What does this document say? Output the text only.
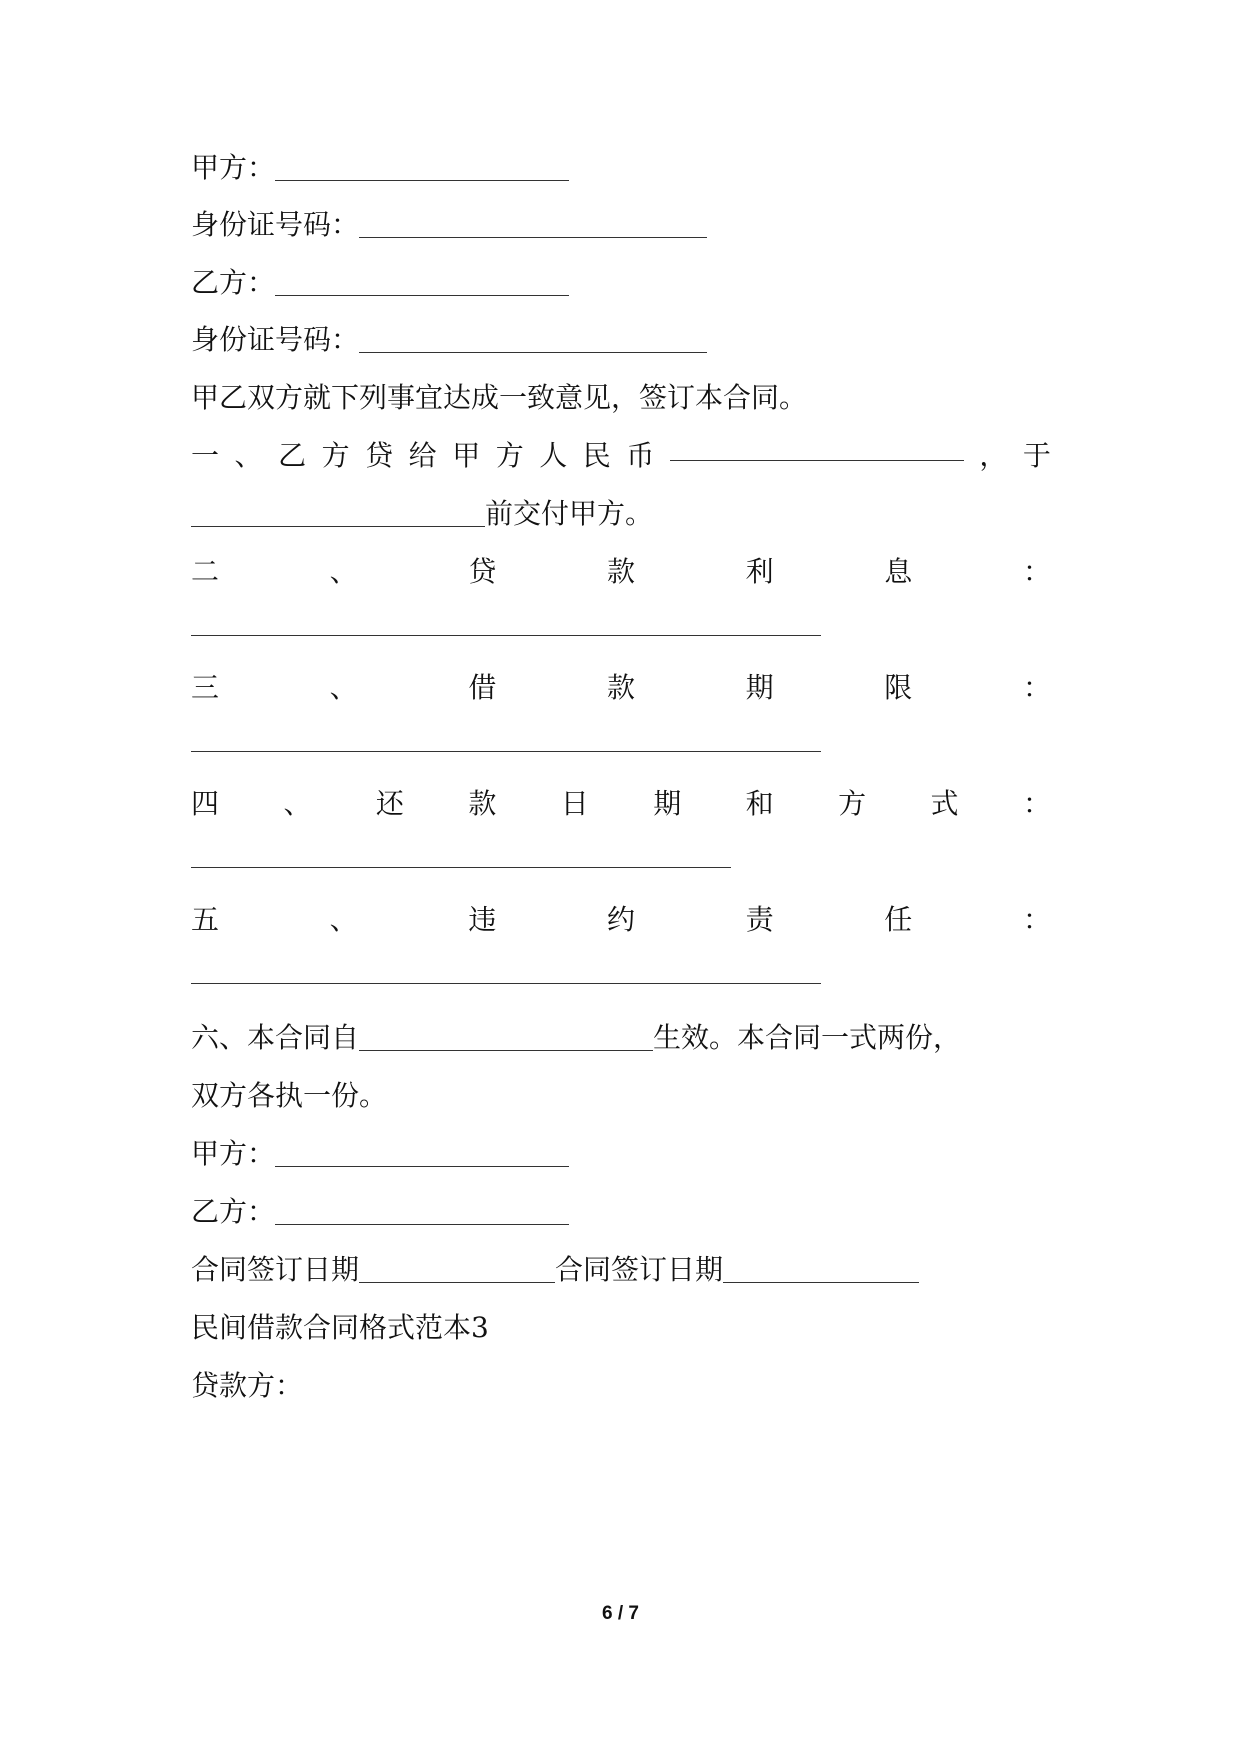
甲方：
身份证号码：
乙方：
身份证号码：
甲乙双方就下列事宜达成一致意见，签订本合同。
一 、 乙 方 贷 给 甲 方 人 民 币	， 于
前交付甲方。
二	、	贷	款	利	息	：
三	、	借	款	期	限	：
四 、 还 款 日 期 和 方 式 ：
五	、	违	约	责	任	：
六、本合同自	生效。本合同一式两份，
双方各执一份。
甲方：
乙方：
合同签订日期	合同签订日期
民间借款合同格式范本3
贷款方：
6 / 7
